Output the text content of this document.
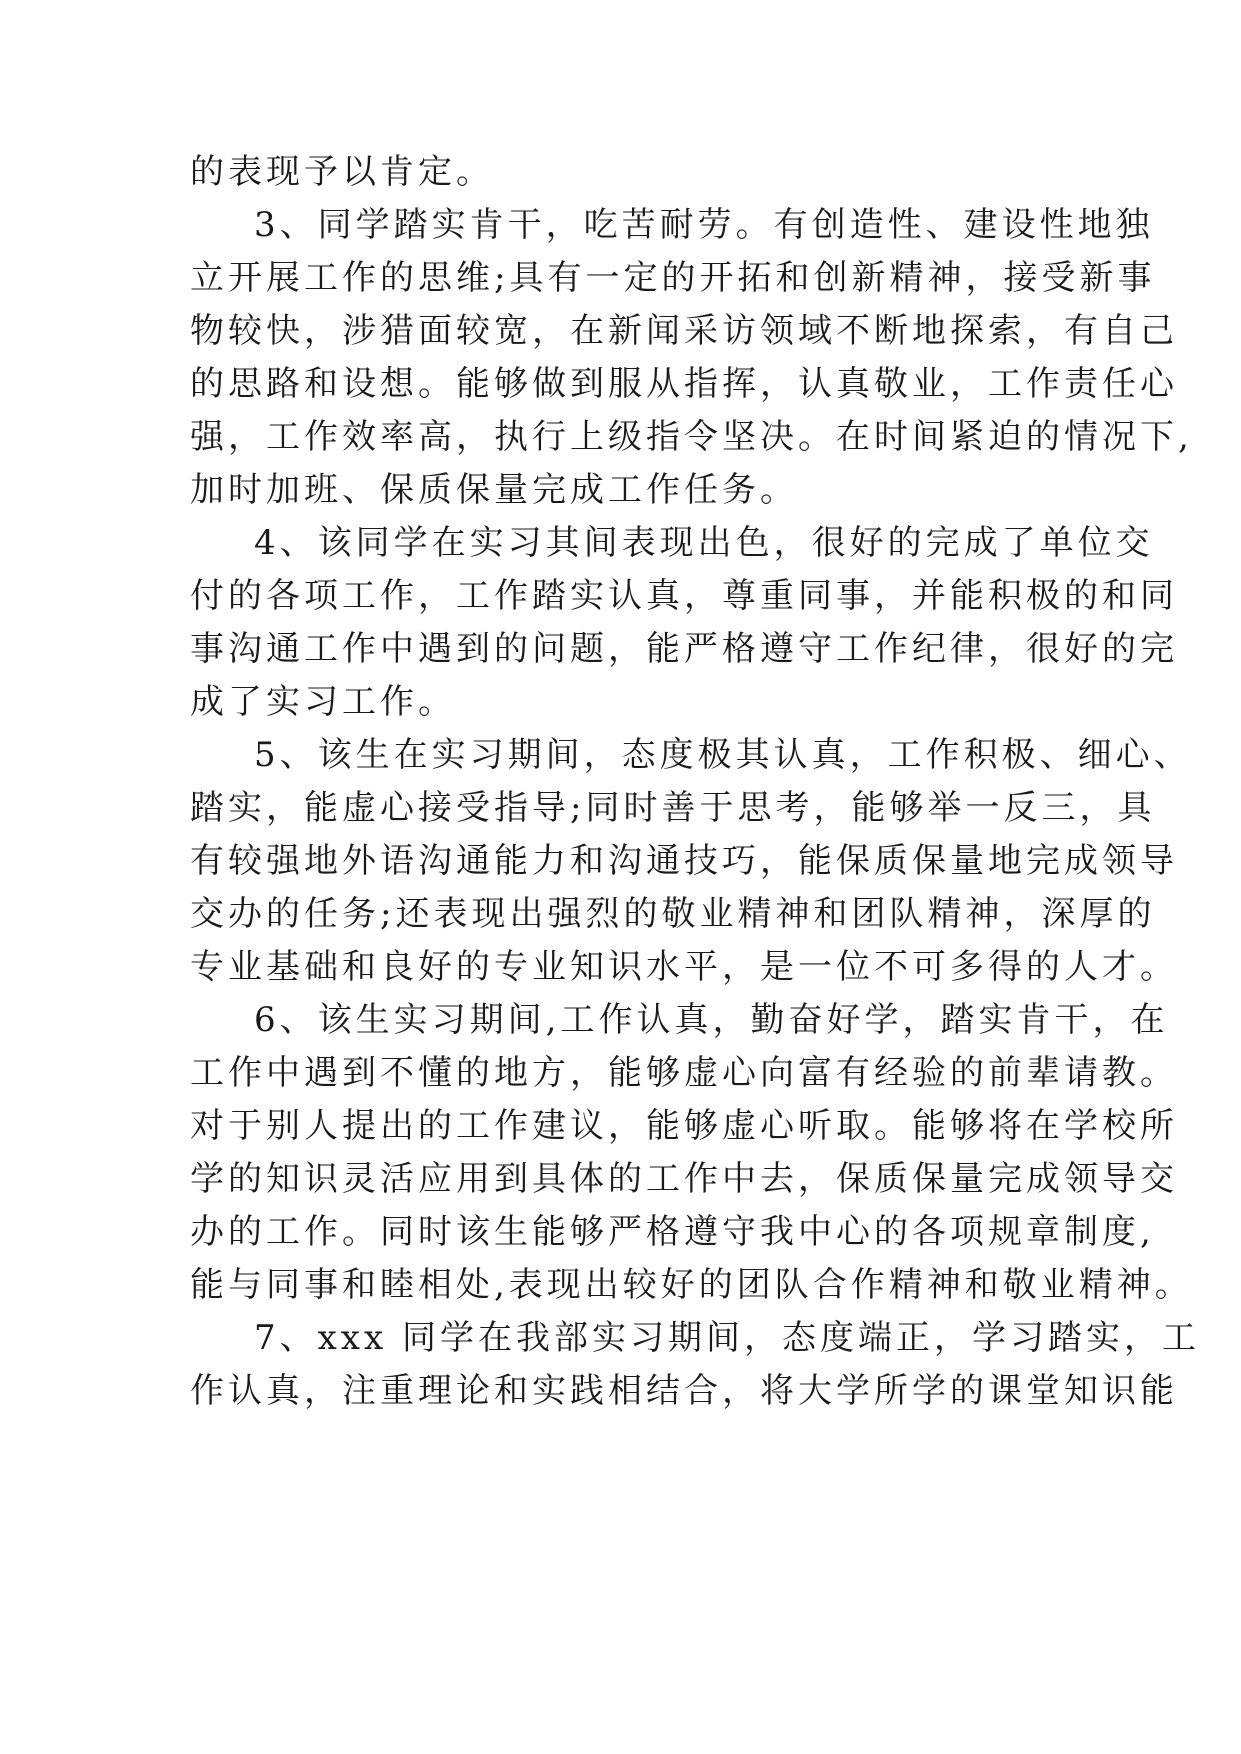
的表现予以肯定。
3、同学踏实肯干，吃苦耐劳。有创造性、建设性地独
立开展工作的思维;具有一定的开拓和创新精神，接受新事
物较快，涉猎面较宽，在新闻采访领域不断地探索，有自己
的思路和设想。能够做到服从指挥，认真敬业，工作责任心
强，工作效率高，执行上级指令坚决。在时间紧迫的情况下,
加时加班、保质保量完成工作任务。
4、该同学在实习其间表现出色，很好的完成了单位交
付的各项工作，工作踏实认真，尊重同事，并能积极的和同
事沟通工作中遇到的问题，能严格遵守工作纪律，很好的完
成了实习工作。
5、该生在实习期间，态度极其认真，工作积极、细心、
踏实，能虚心接受指导;同时善于思考，能够举一反三，具
有较强地外语沟通能力和沟通技巧，能保质保量地完成领导
交办的任务;还表现出强烈的敬业精神和团队精神，深厚的
专业基础和良好的专业知识水平，是一位不可多得的人才。
6、该生实习期间,工作认真，勤奋好学，踏实肯干，在
工作中遇到不懂的地方，能够虚心向富有经验的前辈请教。
对于别人提出的工作建议，能够虚心听取。能够将在学校所
学的知识灵活应用到具体的工作中去，保质保量完成领导交
办的工作。同时该生能够严格遵守我中心的各项规章制度,
能与同事和睦相处,表现出较好的团队合作精神和敬业精神。
7、xxx 同学在我部实习期间，态度端正，学习踏实，工
作认真，注重理论和实践相结合，将大学所学的课堂知识能
